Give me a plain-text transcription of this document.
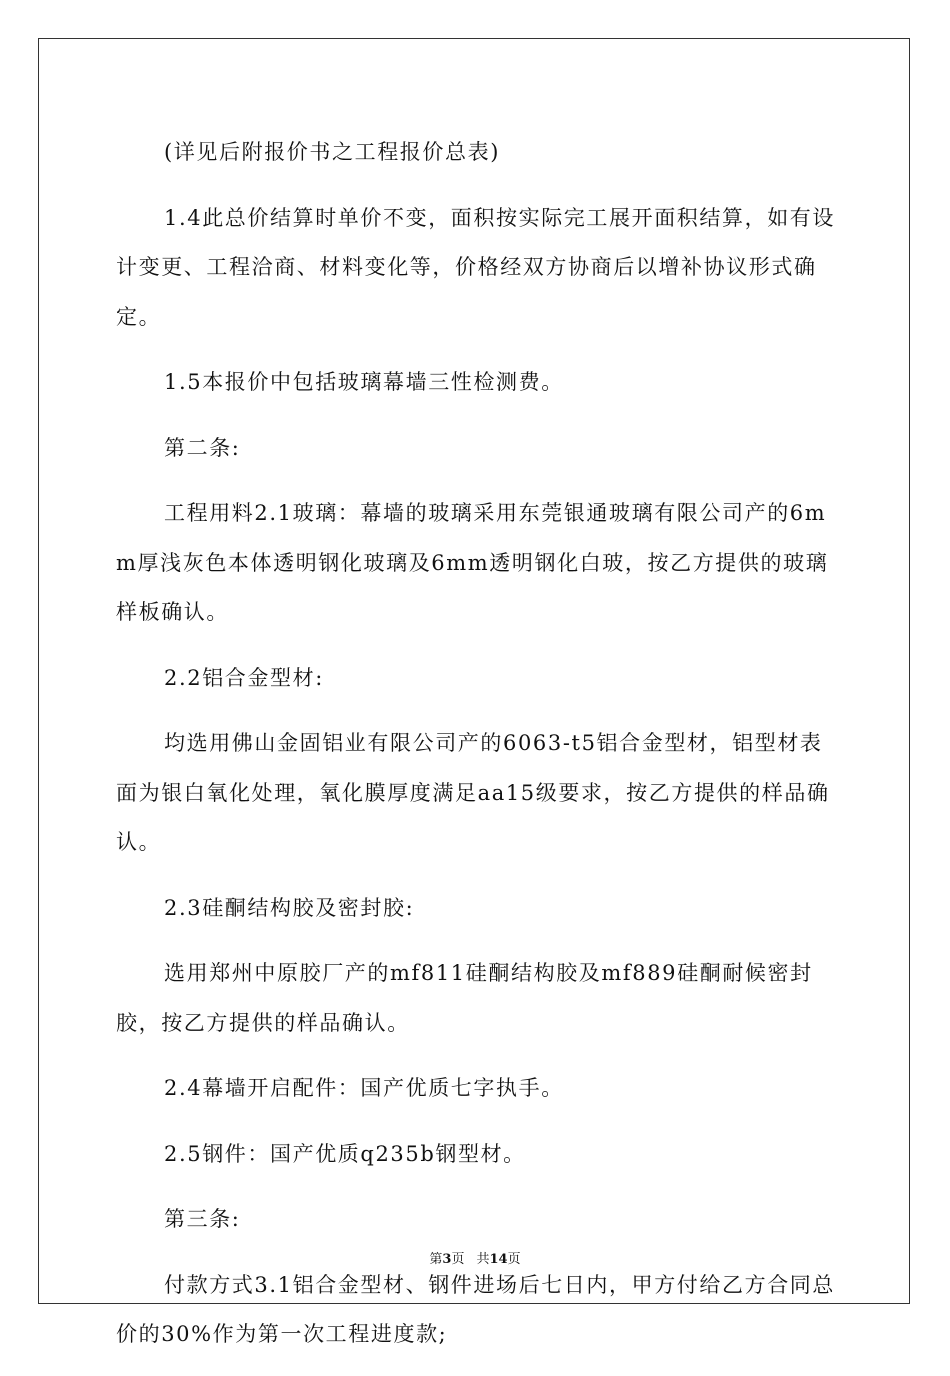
(详见后附报价书之工程报价总表)

1.4此总价结算时单价不变，面积按实际完工展开面积结算，如有设计变更、工程洽商、材料变化等，价格经双方协商后以增补协议形式确定。

1.5本报价中包括玻璃幕墙三性检测费。

第二条:

工程用料2.1玻璃：幕墙的玻璃采用东莞银通玻璃有限公司产的6mm厚浅灰色本体透明钢化玻璃及6mm透明钢化白玻，按乙方提供的玻璃样板确认。

2.2铝合金型材:

均选用佛山金固铝业有限公司产的6063-t5铝合金型材，铝型材表面为银白氧化处理，氧化膜厚度满足aa15级要求，按乙方提供的样品确认。

2.3硅酮结构胶及密封胶:

选用郑州中原胶厂产的mf811硅酮结构胶及mf889硅酮耐候密封胶，按乙方提供的样品确认。

2.4幕墙开启配件：国产优质七字执手。

2.5钢件：国产优质q235b钢型材。

第三条:

付款方式3.1铝合金型材、钢件进场后七日内，甲方付给乙方合同总价的30%作为第一次工程进度款;

第3页 共14页
